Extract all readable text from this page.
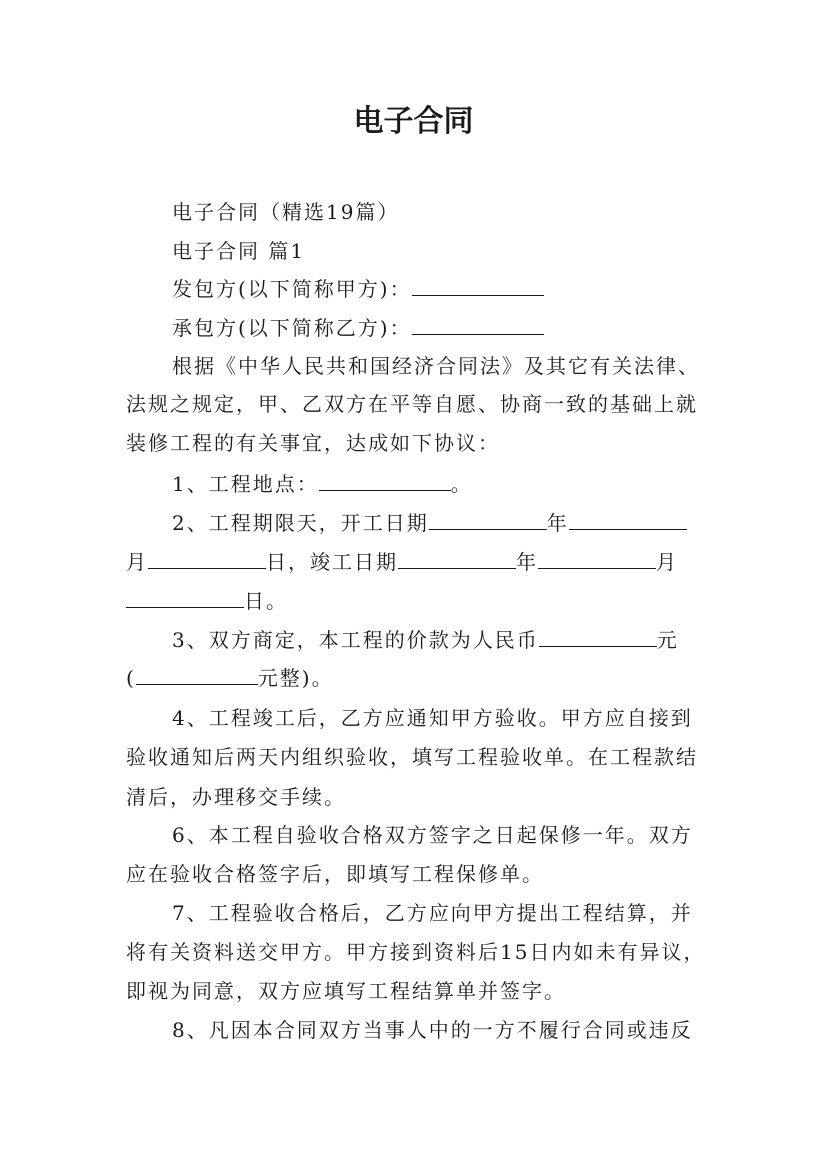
电子合同
电子合同（精选19篇）
电子合同 篇1
发包方(以下简称甲方)：
承包方(以下简称乙方)：
根据《中华人民共和国经济合同法》及其它有关法律、
法规之规定，甲、乙双方在平等自愿、协商一致的基础上就
装修工程的有关事宜，达成如下协议：
1、工程地点：	。
2、工程期限天，开工日期	年
月	日，竣工日期	年	月
日。
3、双方商定，本工程的价款为人民币	元
(	元整)。
4、工程竣工后，乙方应通知甲方验收。甲方应自接到
验收通知后两天内组织验收，填写工程验收单。在工程款结
清后，办理移交手续。
6、本工程自验收合格双方签字之日起保修一年。双方
应在验收合格签字后，即填写工程保修单。
7、工程验收合格后，乙方应向甲方提出工程结算，并
将有关资料送交甲方。甲方接到资料后15日内如未有异议，
即视为同意，双方应填写工程结算单并签字。
8、凡因本合同双方当事人中的一方不履行合同或违反
